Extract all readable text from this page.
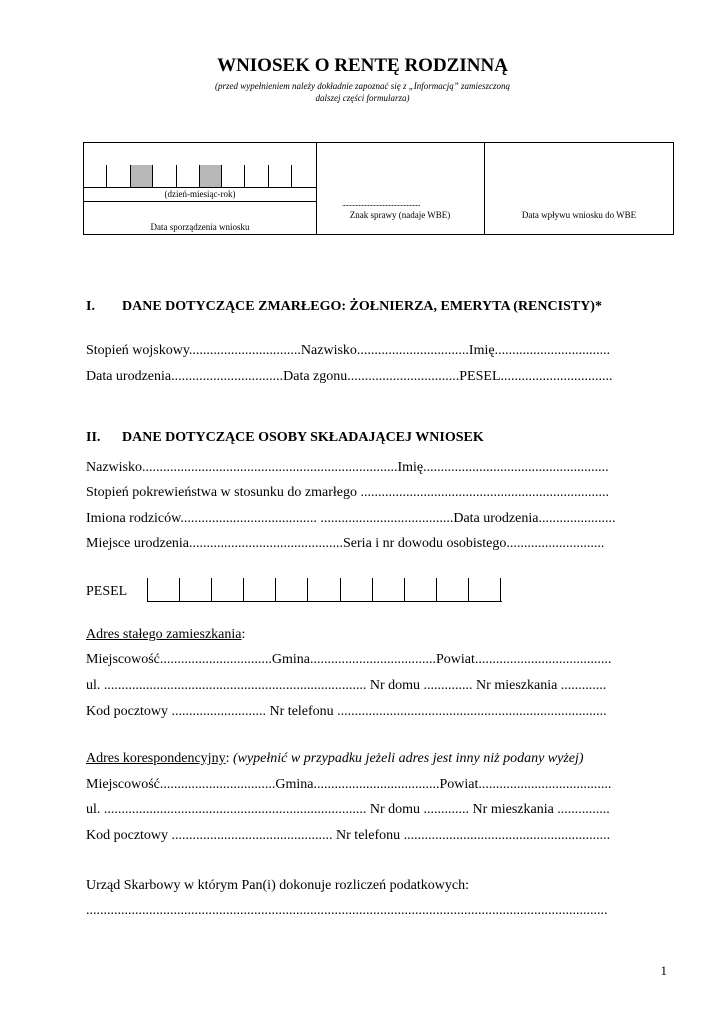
WNIOSEK O RENTĘ RODZINNĄ
(przed wypełnieniem należy dokładnie zapoznać się z „Informacją” zamieszczoną
dalszej części formularza)
(dzień-miesiąc-rok)
Data sporządzenia wniosku
....................................................
Znak sprawy (nadaje WBE)	Data wpływu wniosku do WBE
I. DANE DOTYCZĄCE ZMARŁEGO: ŻOŁNIERZA, EMERYTA (RENCISTY)*
Stopień wojskowy................................Nazwisko................................Imię.................................
Data urodzenia................................Data zgonu................................PESEL................................
II. DANE DOTYCZĄCE OSOBY SKŁADAJĄCEJ WNIOSEK
Nazwisko.........................................................................Imię.....................................................
Stopień pokrewieństwa w stosunku do zmarłego .......................................................................
Imiona rodziców....................................... ......................................Data urodzenia......................
Miejsce urodzenia............................................Seria i nr dowodu osobistego............................
PESEL
Adres stałego zamieszkania:
Miejscowość................................Gmina....................................Powiat.......................................
ul. ........................................................................... Nr domu .............. Nr mieszkania .............
Kod pocztowy ........................... Nr telefonu .............................................................................
Adres korespondencyjny: (wypełnić w przypadku jeżeli adres jest inny niż podany wyżej)
Miejscowość.................................Gmina....................................Powiat......................................
ul. ........................................................................... Nr domu ............. Nr mieszkania ...............
Kod pocztowy .............................................. Nr telefonu ...........................................................
Urząd Skarbowy w którym Pan(i) dokonuje rozliczeń podatkowych:
.....................................................................................................................................................
1
